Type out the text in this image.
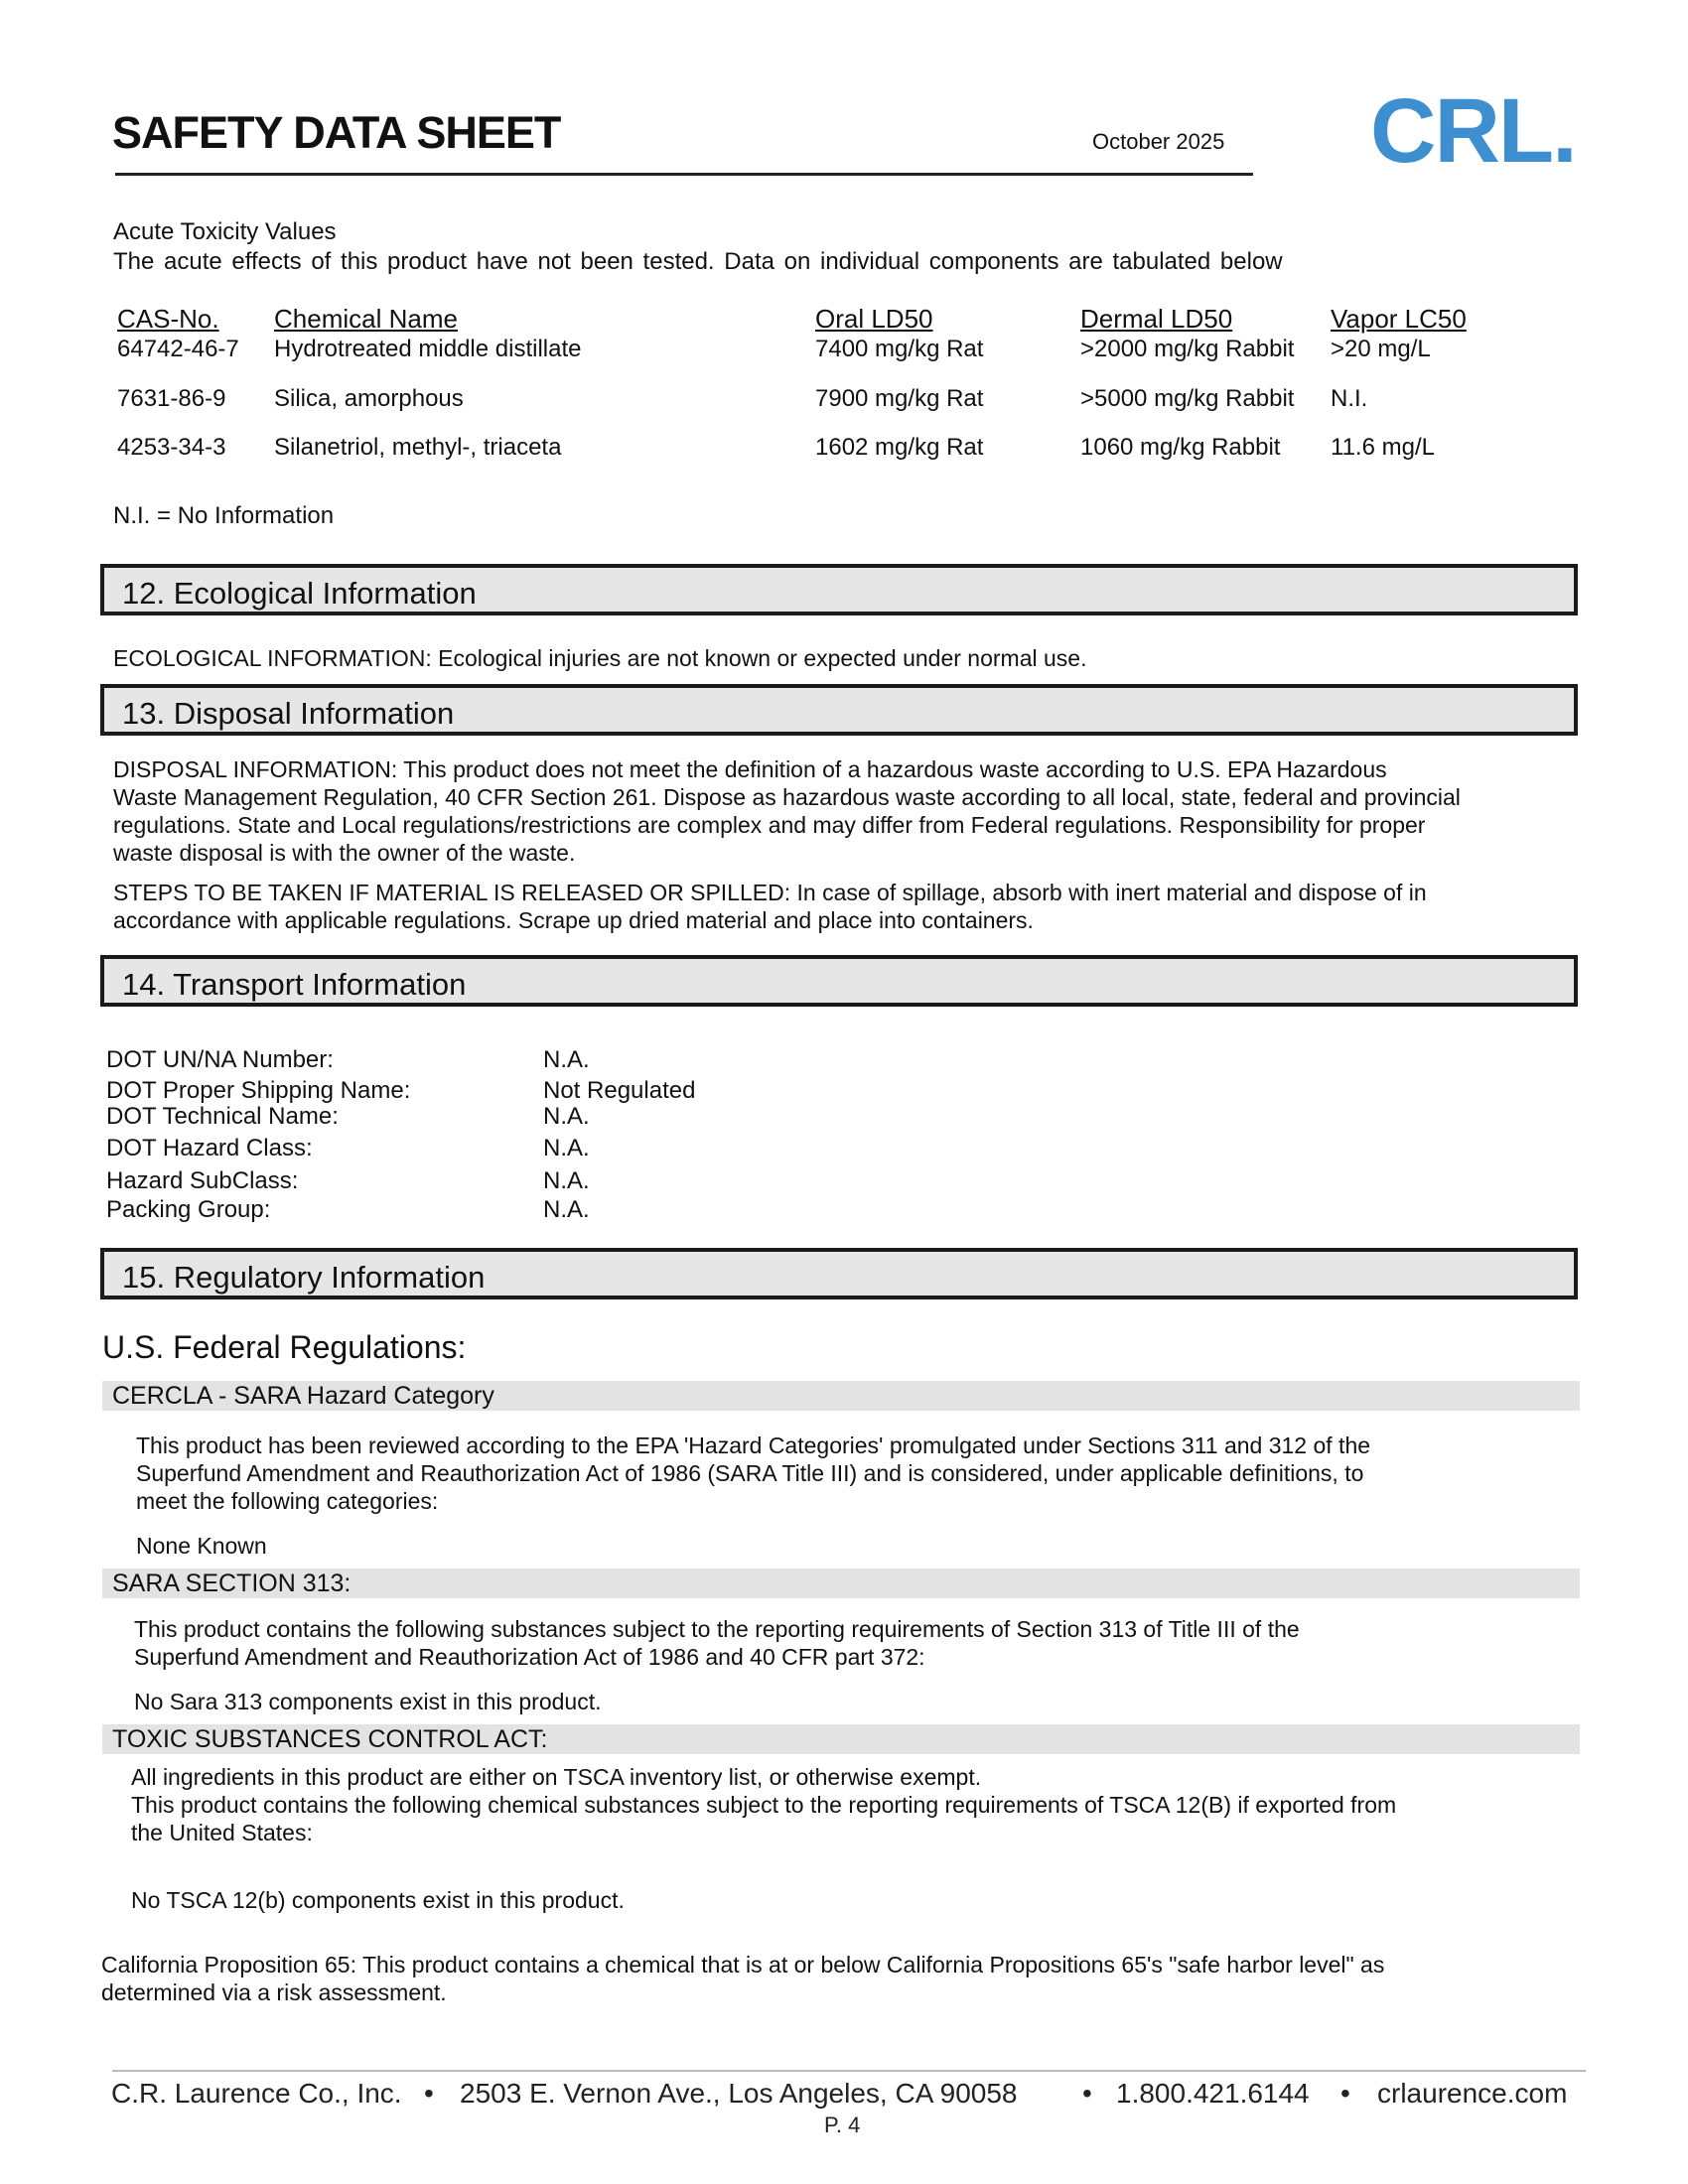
SAFETY DATA SHEET	October 2025 CRL.
Acute Toxicity Values
The acute effects of this product have not been tested. Data on individual components are tabulated below
CAS-No. Chemical Name	Oral LD50	Dermal LD50	Vapor LC50
64742-46-7 Hydrotreated middle distillate	7400 mg/kg Rat	>2000 mg/kg Rabbit >20 mg/L
7631-86-9 Silica, amorphous	7900 mg/kg Rat	>5000 mg/kg Rabbit N.I.
4253-34-3 Silanetriol, methyl-, triaceta	1602 mg/kg Rat	1060 mg/kg Rabbit 11.6 mg/L
N.I. = No Information
12. Ecological Information
ECOLOGICAL INFORMATION: Ecological injuries are not known or expected under normal use.
13. Disposal Information
DISPOSAL INFORMATION: This product does not meet the definition of a hazardous waste according to U.S. EPA Hazardous
Waste Management Regulation, 40 CFR Section 261. Dispose as hazardous waste according to all local, state, federal and provincial
regulations. State and Local regulations/restrictions are complex and may differ from Federal regulations. Responsibility for proper
waste disposal is with the owner of the waste.
STEPS TO BE TAKEN IF MATERIAL IS RELEASED OR SPILLED: In case of spillage, absorb with inert material and dispose of in
accordance with applicable regulations. Scrape up dried material and place into containers.
14. Transport Information
DOT UN/NA Number:	N.A.
DOT Proper Shipping Name:	Not Regulated
DOT Technical Name:	N.A.
DOT Hazard Class:	N.A.
Hazard SubClass:	N.A.
Packing Group:	N.A.
15. Regulatory Information
U.S. Federal Regulations:
CERCLA - SARA Hazard Category
This product has been reviewed according to the EPA 'Hazard Categories' promulgated under Sections 311 and 312 of the
Superfund Amendment and Reauthorization Act of 1986 (SARA Title III) and is considered, under applicable definitions, to
meet the following categories:
None Known
SARA SECTION 313:
This product contains the following substances subject to the reporting requirements of Section 313 of Title III of the
Superfund Amendment and Reauthorization Act of 1986 and 40 CFR part 372:
No Sara 313 components exist in this product.
TOXIC SUBSTANCES CONTROL ACT:
All ingredients in this product are either on TSCA inventory list, or otherwise exempt.
This product contains the following chemical substances subject to the reporting requirements of TSCA 12(B) if exported from
the United States:
No TSCA 12(b) components exist in this product.
California Proposition 65: This product contains a chemical that is at or below California Propositions 65's "safe harbor level" as
determined via a risk assessment.
C.R. Laurence Co., Inc. • 2503 E. Vernon Ave., Los Angeles, CA 90058 • 1.800.421.6144 • crlaurence.com
P. 4
